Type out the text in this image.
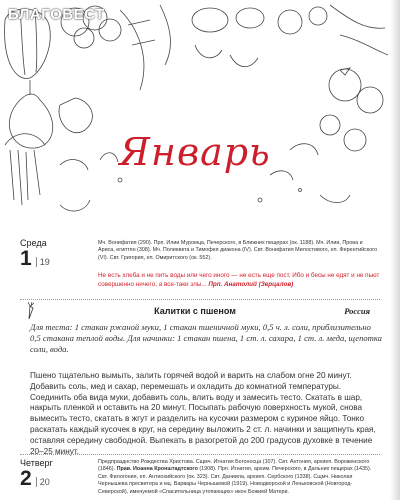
Январь
Среда
1 19
Мч. Вонифатия (290). Прп. Илии Муромца, Печерского, в Ближних пещерах (ок. 1188). Мч. Илии, Прова и Ариса, египтян (308). Мч. Полиевкта и Тимофея диакона (IV). Свт. Вонифатия Милостивого, еп. Ферентийского (VI). Свт. Григория, еп. Омиритского (ок. 552).
Не есть хлеба и не пить воды или чего иного — не есть еще пост. Ибо и бесы не едят и не пьют совершенно ничего, а все-таки злы... Прп. Анатолий (Зерцалов)
Калитки с пшеном	Россия
Для теста: 1 стакан ржаной муки, 1 стакан пшеничной муки, 0,5 ч. л. соли, приблизительно 0,5 стакана теплой воды. Для начинки: 1 стакан пшена, 1 ст. л. сахара, 1 ст. л. меда, щепотка соли, вода.
Пшено тщательно вымыть, залить горячей водой и варить на слабом огне 20 минут. Добавить соль, мед и сахар, перемешать и охладить до комнатной температуры. Соединить оба вида муки, добавить соль, влить воду и замесить тесто. Скатать в шар, накрыть пленкой и оставить на 20 минут. Посыпать рабочую поверхность мукой, снова вымесить тесто, скатать в жгут и разделить на кусочки размером с куриное яйцо. Тонко раскатать каждый кусочек в круг, на середину выложить 2 ст. л. начинки и защипнуть края, оставляя середину свободной. Выпекать в разогретой до 200 градусов духовке в течение 20–25 минут.
Четверг
2 20
Предпразднство Рождества Христова. Сщмч. Игнатия Богоносца (107). Свт. Антония, архиеп. Вороженского (1846). Прав. Иоанна Кронштадтского (1908). Прп. Игнатия, архим. Печерского, в Дальних пещерах (1435). Свт. Филогония, еп. Антиохийского (ок. 323). Свт. Даниила, архиеп. Сербского (1338). Сщмч. Николая Чернышева пресвитера и мц. Варвары Чернышевой (1919). Новодворской и Леньковской (Новгород-Северской), именуемой «Спасительница утопающих» икон Божией Матери.
БЛАГОВЕСТ
